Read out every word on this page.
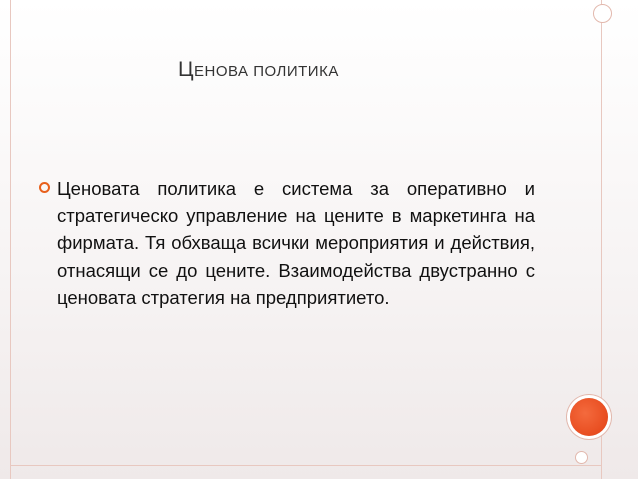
ЦЕНОВА ПОЛИТИКА
Ценовата политика е система за оперативно и стратегическо управление на цените в маркетинга на фирмата. Тя обхваща всички мероприятия и действия, отнасящи се до цените. Взаимодейства двустранно с ценовата стратегия на предприятието.
